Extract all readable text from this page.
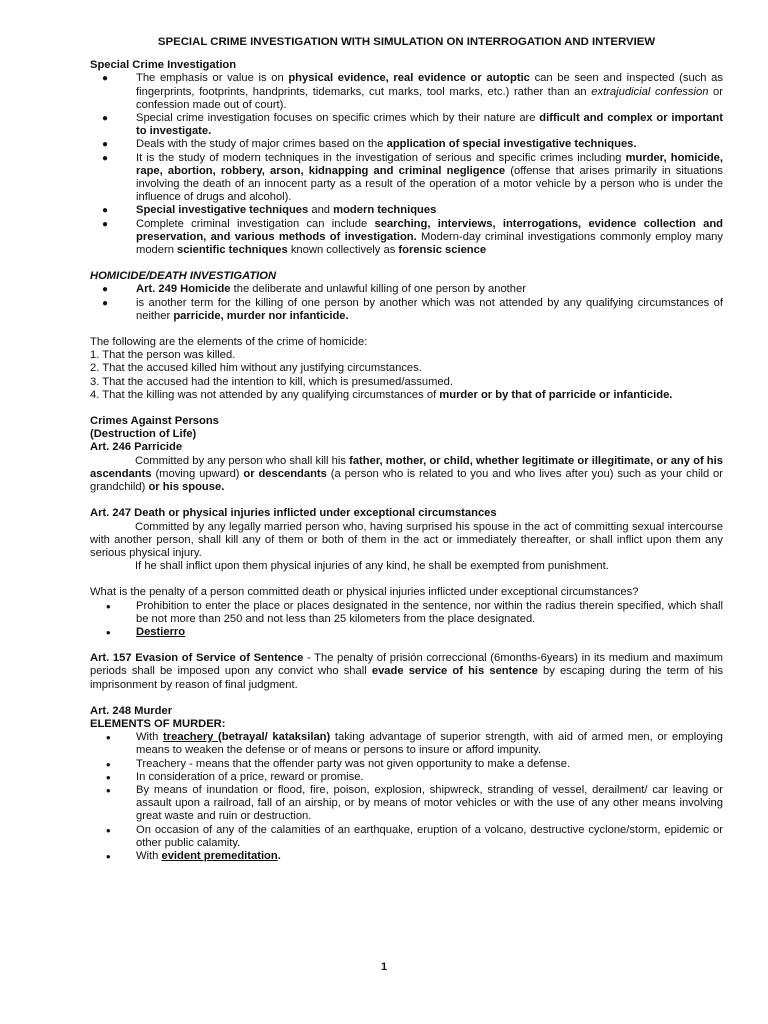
SPECIAL CRIME INVESTIGATION WITH SIMULATION ON INTERROGATION AND INTERVIEW
Special Crime Investigation
● The emphasis or value is on physical evidence, real evidence or autoptic can be seen and inspected (such as fingerprints, footprints, handprints, tidemarks, cut marks, tool marks, etc.) rather than an extrajudicial confession or confession made out of court).
● Special crime investigation focuses on specific crimes which by their nature are difficult and complex or important to investigate.
● Deals with the study of major crimes based on the application of special investigative techniques.
● It is the study of modern techniques in the investigation of serious and specific crimes including murder, homicide, rape, abortion, robbery, arson, kidnapping and criminal negligence (offense that arises primarily in situations involving the death of an innocent party as a result of the operation of a motor vehicle by a person who is under the influence of drugs and alcohol).
● Special investigative techniques and modern techniques
● Complete criminal investigation can include searching, interviews, interrogations, evidence collection and preservation, and various methods of investigation. Modern-day criminal investigations commonly employ many modern scientific techniques known collectively as forensic science
HOMICIDE/DEATH INVESTIGATION
● Art. 249 Homicide the deliberate and unlawful killing of one person by another
● is another term for the killing of one person by another which was not attended by any qualifying circumstances of neither parricide, murder nor infanticide.

The following are the elements of the crime of homicide:

1. That the person was killed.

2. That the accused killed him without any justifying circumstances.

3. That the accused had the intention to kill, which is presumed/assumed.

4. That the killing was not attended by any qualifying circumstances of murder or by that of parricide or infanticide.

Crimes Against Persons
(Destruction of Life)
Art. 246 Parricide

Committed by any person who shall kill his father, mother, or child, whether legitimate or illegitimate, or any of his ascendants (moving upward) or descendants (a person who is related to you and who lives after you) such as your child or grandchild) or his spouse.

Art. 247 Death or physical injuries inflicted under exceptional circumstances

Committed by any legally married person who, having surprised his spouse in the act of committing sexual intercourse with another person, shall kill any of them or both of them in the act or immediately thereafter, or shall inflict upon them any serious physical injury.

If he shall inflict upon them physical injuries of any kind, he shall be exempted from punishment.

What is the penalty of a person committed death or physical injuries inflicted under exceptional circumstances?

• Prohibition to enter the place or places designated in the sentence, nor within the radius therein specified, which shall be not more than 250 and not less than 25 kilometers from the place designated.
• Destierro

Art. 157 Evasion of Service of Sentence - The penalty of prisión correccional (6months-6years) in its medium and maximum periods shall be imposed upon any convict who shall evade service of his sentence by escaping during the term of his imprisonment by reason of final judgment.

Art. 248 Murder
ELEMENTS OF MURDER:
• With treachery (betrayal/ kataksilan) taking advantage of superior strength, with aid of armed men, or employing means to weaken the defense or of means or persons to insure or afford impunity.
• Treachery - means that the offender party was not given opportunity to make a defense.
• In consideration of a price, reward or promise.
• By means of inundation or flood, fire, poison, explosion, shipwreck, stranding of vessel, derailment/ car leaving or assault upon a railroad, fall of an airship, or by means of motor vehicles or with the use of any other means involving great waste and ruin or destruction.
• On occasion of any of the calamities of an earthquake, eruption of a volcano, destructive cyclone/storm, epidemic or other public calamity.
• With evident premeditation.
1
